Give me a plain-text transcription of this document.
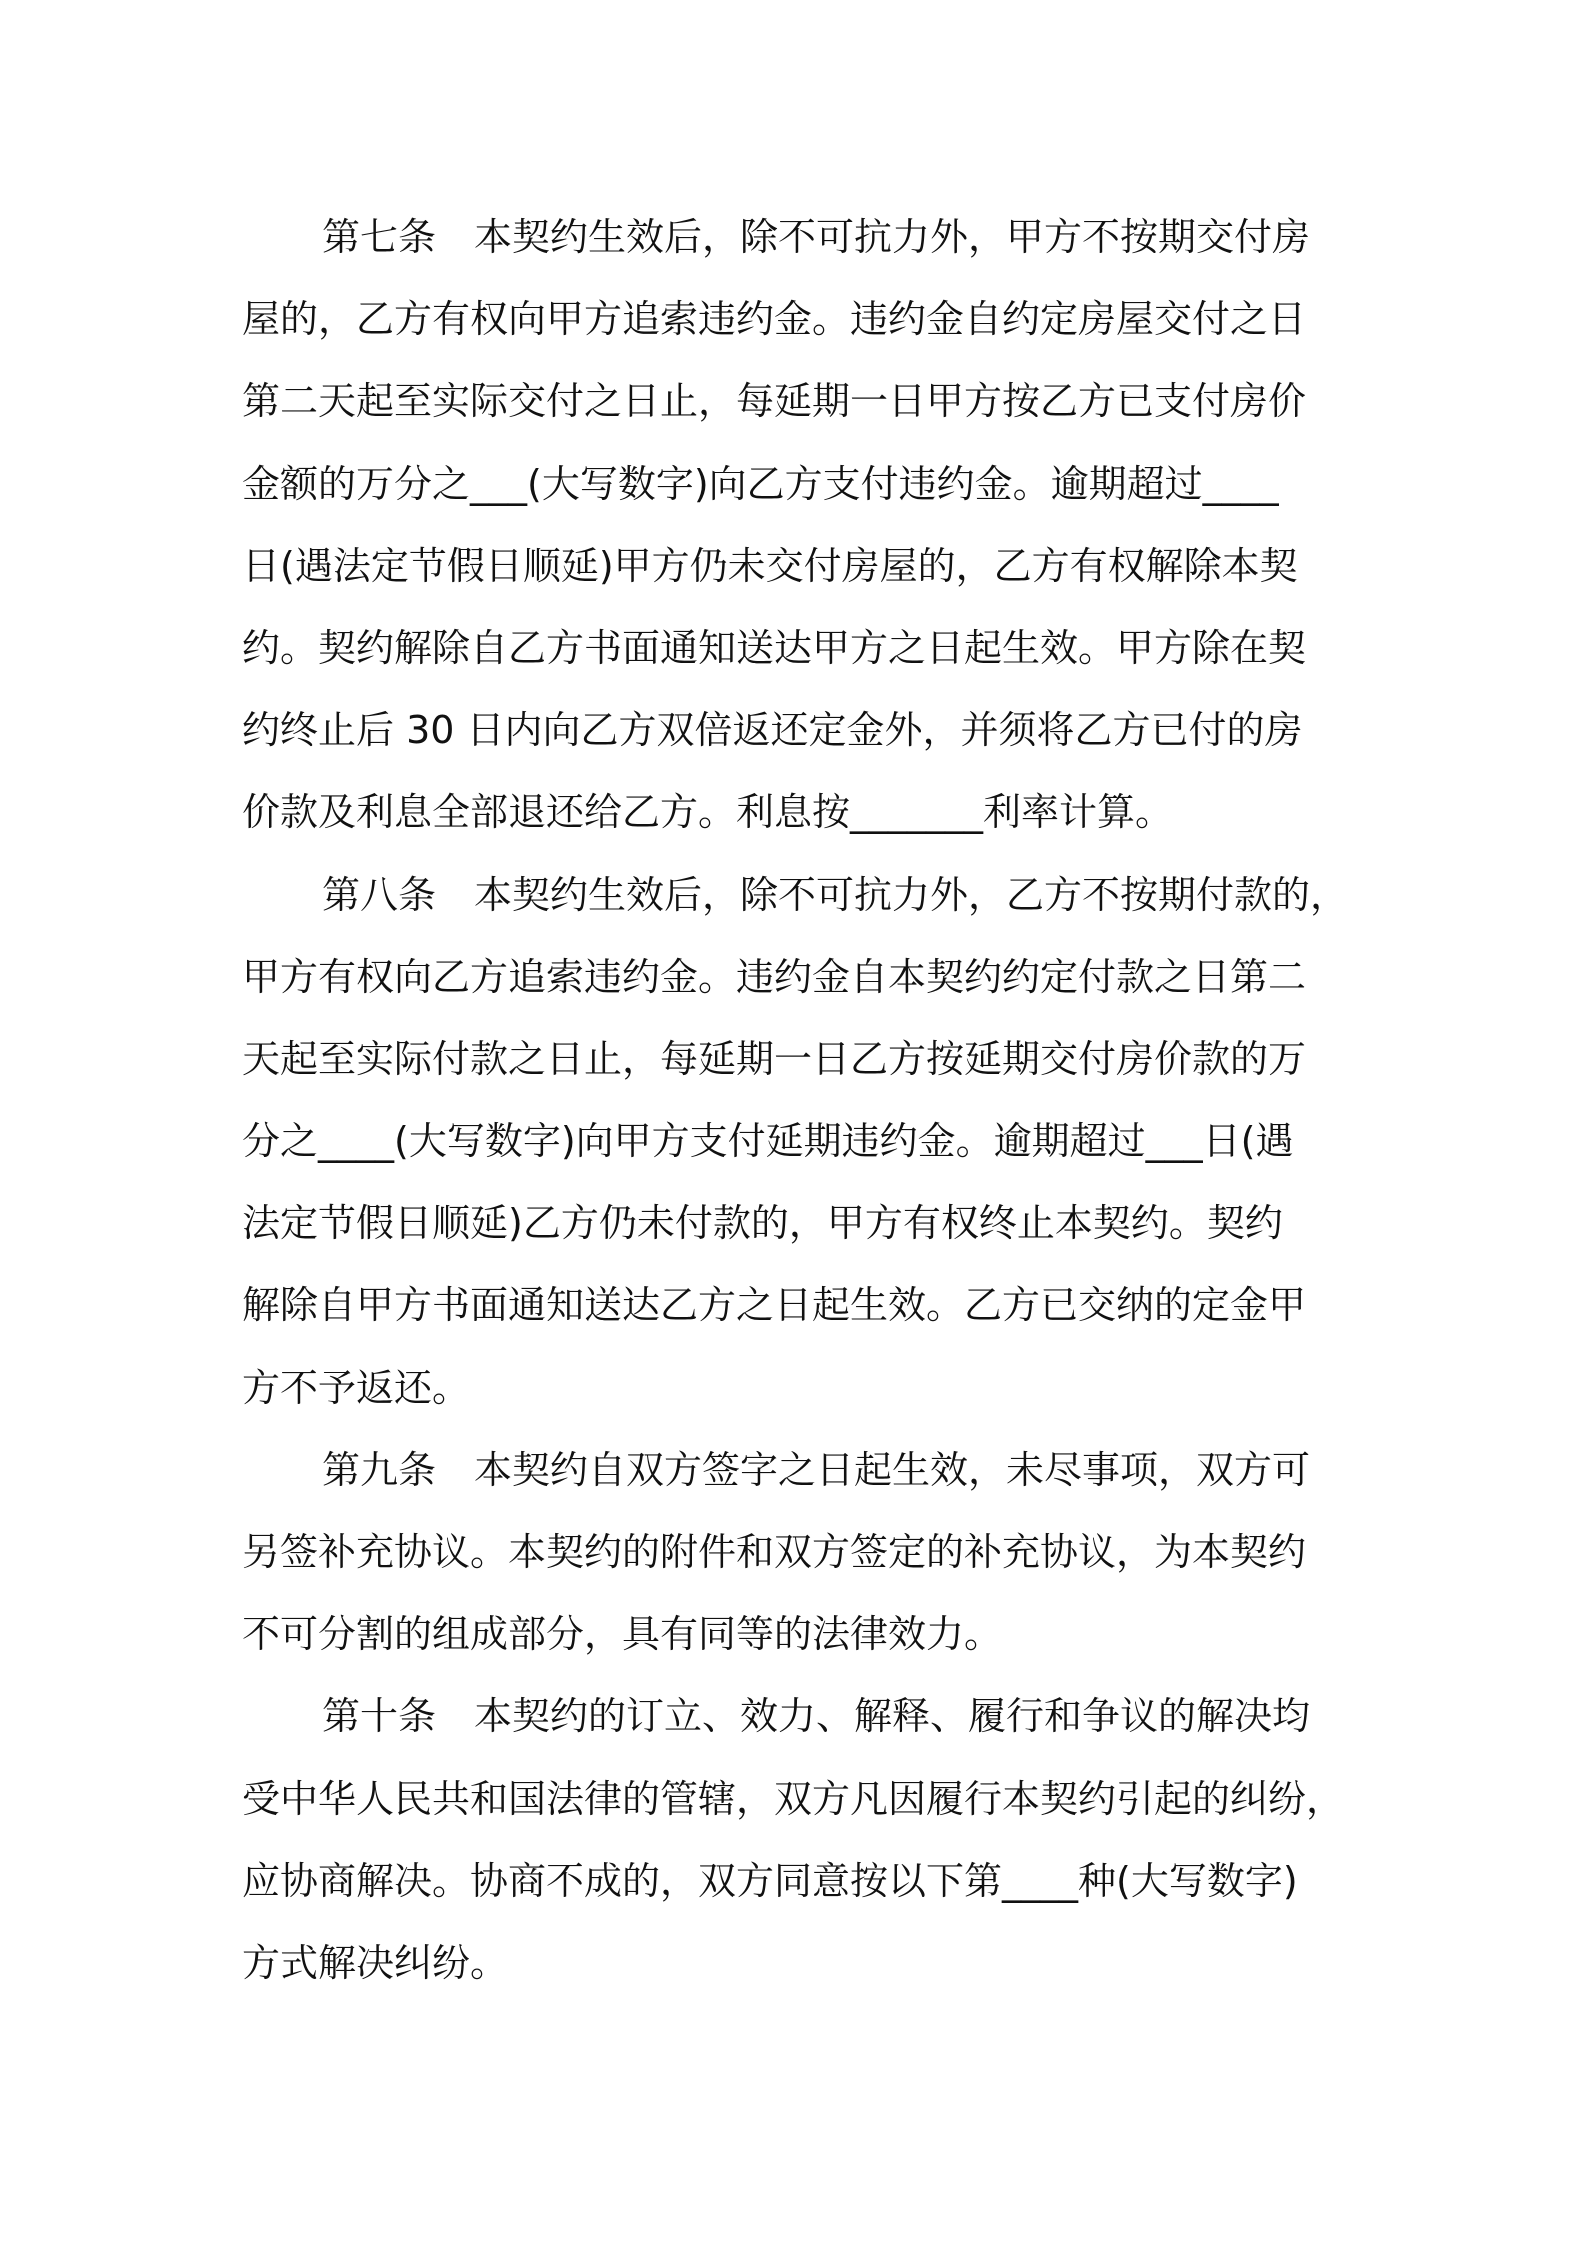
第七条 本契约生效后，除不可抗力外，甲方不按期交付房
屋的，乙方有权向甲方追索违约金。违约金自约定房屋交付之日
第二天起至实际交付之日止，每延期一日甲方按乙方已支付房价
金额的万分之___(大写数字)向乙方支付违约金。逾期超过____
日(遇法定节假日顺延)甲方仍未交付房屋的，乙方有权解除本契
约。契约解除自乙方书面通知送达甲方之日起生效。甲方除在契
约终止后 30 日内向乙方双倍返还定金外，并须将乙方已付的房
价款及利息全部退还给乙方。利息按_______利率计算。
第八条 本契约生效后，除不可抗力外，乙方不按期付款的，
甲方有权向乙方追索违约金。违约金自本契约约定付款之日第二
天起至实际付款之日止，每延期一日乙方按延期交付房价款的万
分之____(大写数字)向甲方支付延期违约金。逾期超过___日(遇
法定节假日顺延)乙方仍未付款的，甲方有权终止本契约。契约
解除自甲方书面通知送达乙方之日起生效。乙方已交纳的定金甲
方不予返还。
第九条 本契约自双方签字之日起生效，未尽事项，双方可
另签补充协议。本契约的附件和双方签定的补充协议，为本契约
不可分割的组成部分，具有同等的法律效力。
第十条 本契约的订立、效力、解释、履行和争议的解决均
受中华人民共和国法律的管辖，双方凡因履行本契约引起的纠纷，
应协商解决。协商不成的，双方同意按以下第____种(大写数字)
方式解决纠纷。
